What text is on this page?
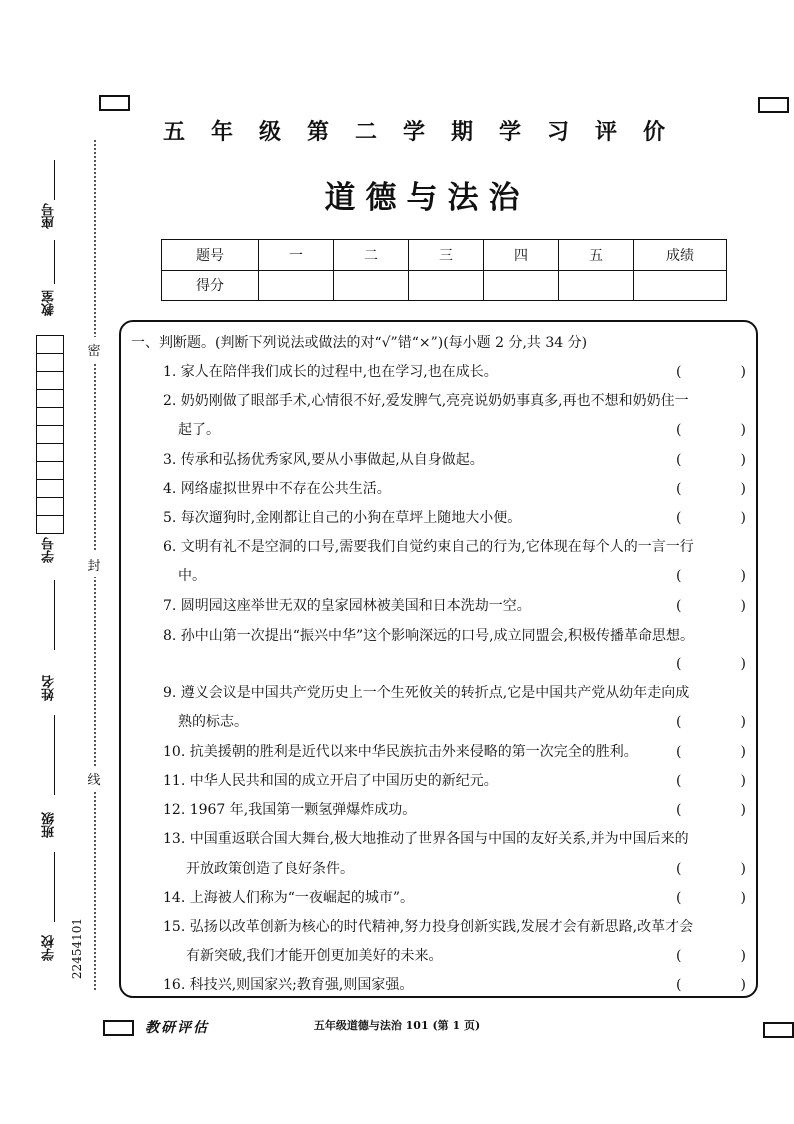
五年级第二学期学习评价
道德与法治
题号	一	二	三	四	五	成绩
得分						
座号
教室
学号
姓名
班级
学校 22454101
密
封
线
一、判断题。(判断下列说法或做法的对“√”错“×”)(每小题 2 分,共 34 分)
1. 家人在陪伴我们成长的过程中,也在学习,也在成长。	(	)
2. 奶奶刚做了眼部手术,心情很不好,爱发脾气,亮亮说奶奶事真多,再也不想和奶奶住一
起了。	(	)
3. 传承和弘扬优秀家风,要从小事做起,从自身做起。	(	)
4. 网络虚拟世界中不存在公共生活。	(	)
5. 每次遛狗时,金刚都让自己的小狗在草坪上随地大小便。	(	)
6. 文明有礼不是空洞的口号,需要我们自觉约束自己的行为,它体现在每个人的一言一行
中。	(	)
7. 圆明园这座举世无双的皇家园林被美国和日本洗劫一空。	(	)
8. 孙中山第一次提出“振兴中华”这个影响深远的口号,成立同盟会,积极传播革命思想。
(	)
9. 遵义会议是中国共产党历史上一个生死攸关的转折点,它是中国共产党从幼年走向成
熟的标志。	(	)
10. 抗美援朝的胜利是近代以来中华民族抗击外来侵略的第一次完全的胜利。	(	)
11. 中华人民共和国的成立开启了中国历史的新纪元。	(	)
12. 1967 年,我国第一颗氢弹爆炸成功。	(	)
13. 中国重返联合国大舞台,极大地推动了世界各国与中国的友好关系,并为中国后来的
开放政策创造了良好条件。	(	)
14. 上海被人们称为“一夜崛起的城市”。	(	)
15. 弘扬以改革创新为核心的时代精神,努力投身创新实践,发展才会有新思路,改革才会
有新突破,我们才能开创更加美好的未来。	(	)
16. 科技兴,则国家兴;教育强,则国家强。	(	)
教研评估	五年级道德与法治 101 (第 1 页)
